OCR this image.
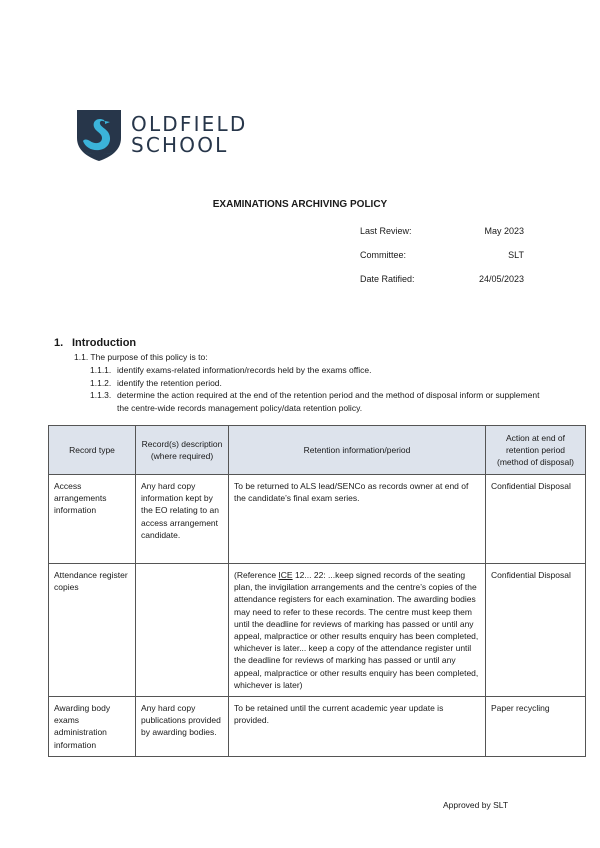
OLDFIELD
SCHOOL
EXAMINATIONS ARCHIVING POLICY
Last Review:	May 2023
Committee:	SLT
Date Ratified:	24/05/2023
1. Introduction
1.1. The purpose of this policy is to:
1.1.1. identify exams-related information/records held by the exams office.
1.1.2. identify the retention period.
1.1.3. determine the action required at the end of the retention period and the method of disposal inform or supplement the centre-wide records management policy/data retention policy.
Record type	Record(s) description (where required)	Retention information/period	Action at end of retention period (method of disposal)
Access arrangements information	Any hard copy information kept by the EO relating to an access arrangement candidate.	To be returned to ALS lead/SENCo as records owner at end of the candidate’s final exam series.	Confidential Disposal
Attendance register copies		(Reference ICE 12... 22: ...keep signed records of the seating plan, the invigilation arrangements and the centre’s copies of the attendance registers for each examination. The awarding bodies may need to refer to these records. The centre must keep them until the deadline for reviews of marking has passed or until any appeal, malpractice or other results enquiry has been completed, whichever is later... keep a copy of the attendance register until the deadline for reviews of marking has passed or until any appeal, malpractice or other results enquiry has been completed, whichever is later)	Confidential Disposal
Awarding body exams administration information	Any hard copy publications provided by awarding bodies.	To be retained until the current academic year update is provided.	Paper recycling
Approved by SLT
